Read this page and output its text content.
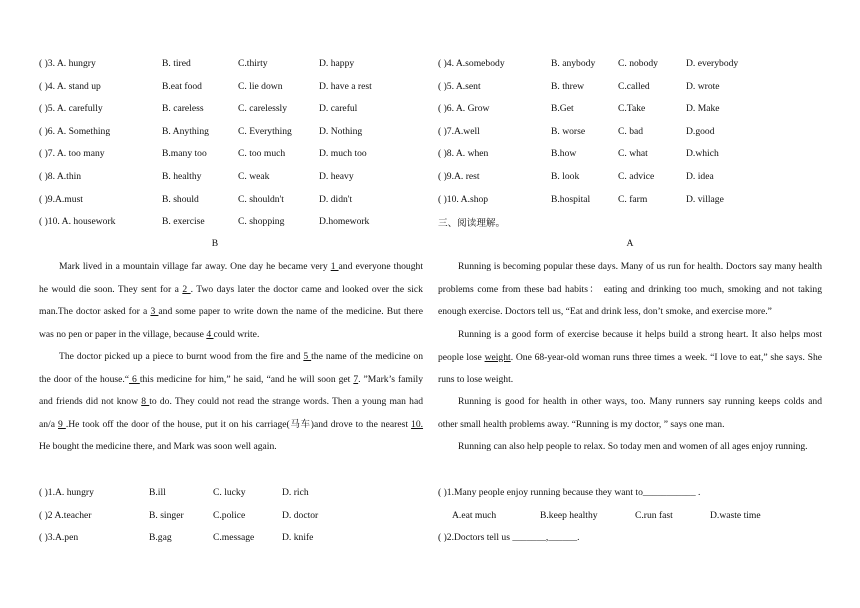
( )3. A. hungry	B. tired	C.thirty	D. happy
( )4. A. stand up	B.eat food	C. lie down	D. have a rest
( )5. A. carefully	B. careless	C. carelessly	D. careful
( )6. A. Something	B. Anything	C. Everything	D. Nothing
( )7. A. too many	B.many too	C. too much	D. much too
( )8. A.thin	B. healthy	C. weak	D. heavy
( )9.A.must	B. should	C. shouldn't	D. didn't
( )10. A. housework	B. exercise	C. shopping	D.homework
B
Mark lived in a mountain village far away. One day he became very 1 and everyone thought he would die soon. They sent for a 2 . Two days later the doctor came and looked over the sick man.The doctor asked for a 3 and some paper to write down the name of the medicine. But there was no pen or paper in the village, because 4 could write.
The doctor picked up a piece to burnt wood from the fire and 5 the name of the medicine on the door of the house.“ 6 this medicine for him,” he said, “and he will soon get 7. ”Mark’s family and friends did not know 8 to do. They could not read the strange words. Then a young man had an/a 9 .He took off the door of the house, put it on his carriage(马车)and drove to the nearest 10. He bought the medicine there, and Mark was soon well again.
( )1.A. hungry	B.ill	C. lucky	D. rich
( )2 A.teacher	B. singer	C.police	D. doctor
( )3.A.pen	B.gag	C.message	D. knife
( )4. A.somebody	B. anybody C. nobody	D. everybody
( )5. A.sent	B. threw	C.called	D. wrote
( )6. A. Grow	B.Get	C.Take	D. Make
( )7.A.well	B. worse	C. bad	D.good
( )8. A. when	B.how	C. what	D.which
( )9.A. rest	B. look	C. advice	D. idea
( )10. A.shop	B.hospital	C. farm	D. village
三、阅读理解。
A
Running is becoming popular these days. Many of us run for health. Doctors say many health problems come from these bad habits： eating and drinking too much, smoking and not taking enough exercise. Doctors tell us, “Eat and drink less, don’t smoke, and exercise more.”
Running is a good form of exercise because it helps build a strong heart. It also helps most people lose weight. One 68-year-old woman runs three times a week. “I love to eat,” she says. She runs to lose weight.
Running is good for health in other ways, too. Many runners say running keeps colds and other small health problems away. “Running is my doctor, ” says one man.
Running can also help people to relax. So today men and women of all ages enjoy running.
( )1.Many people enjoy running because they want to___________ .
A.eat much	B.keep healthy	C.run fast	D.waste time
( )2.Doctors tell us _______,______.
